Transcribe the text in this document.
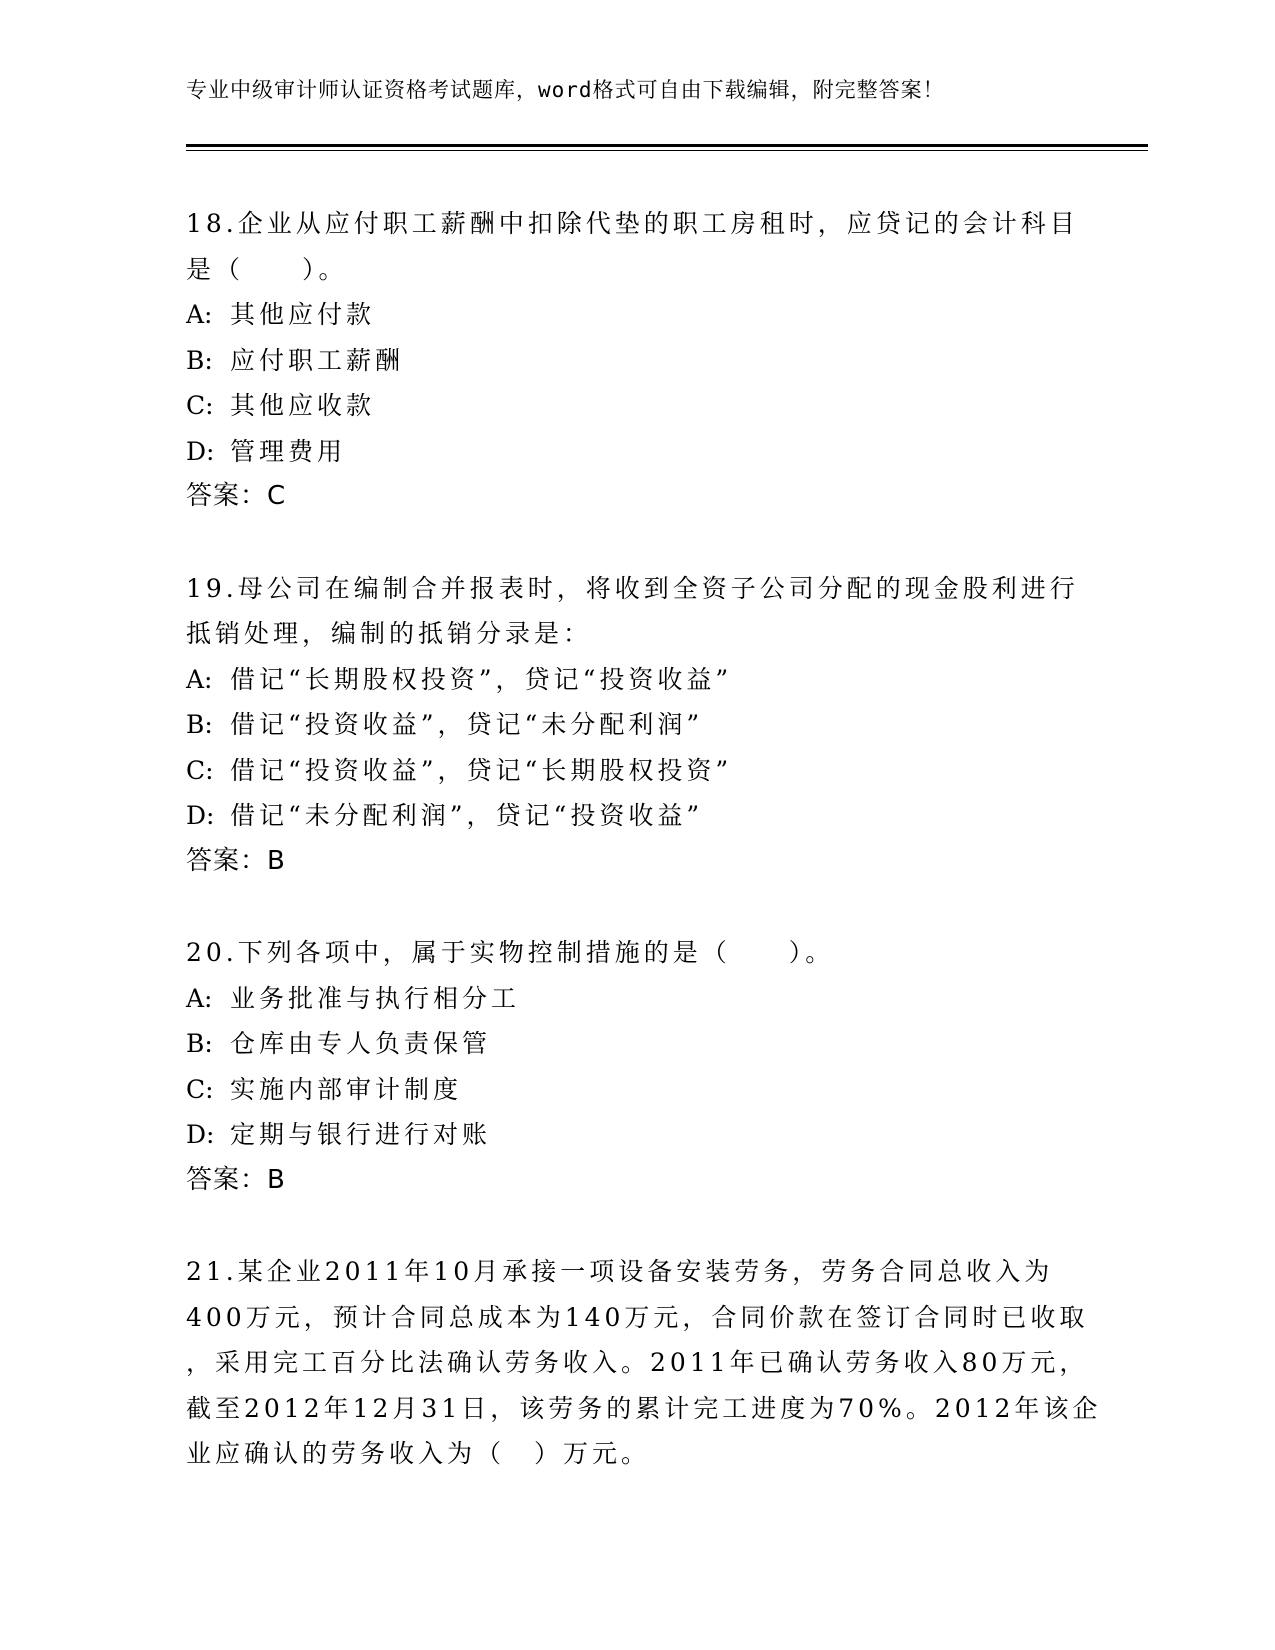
专业中级审计师认证资格考试题库，word格式可自由下载编辑，附完整答案！
18.企业从应付职工薪酬中扣除代垫的职工房租时，应贷记的会计科目
是（　　）。
A: 其他应付款
B: 应付职工薪酬
C: 其他应收款
D: 管理费用
答案：C
19.母公司在编制合并报表时，将收到全资子公司分配的现金股利进行
抵销处理，编制的抵销分录是：
A: 借记“长期股权投资”，贷记“投资收益”
B: 借记“投资收益”，贷记“未分配利润”
C: 借记“投资收益”，贷记“长期股权投资”
D: 借记“未分配利润”，贷记“投资收益”
答案：B
20.下列各项中，属于实物控制措施的是（　　）。
A: 业务批准与执行相分工
B: 仓库由专人负责保管
C: 实施内部审计制度
D: 定期与银行进行对账
答案：B
21.某企业2011年10月承接一项设备安装劳务，劳务合同总收入为
400万元，预计合同总成本为140万元，合同价款在签订合同时已收取
，采用完工百分比法确认劳务收入。2011年已确认劳务收入80万元，
截至2012年12月31日，该劳务的累计完工进度为70%。2012年该企
业应确认的劳务收入为（　）万元。
